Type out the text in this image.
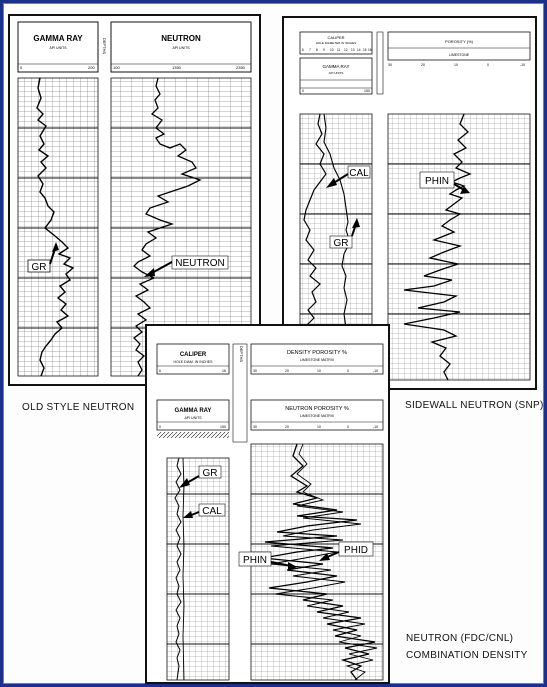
GAMMA RAY
API UNITS	DEPTHS	NEUTRON
API UNITS
0	200	100	1350	2350
GR	NEUTRON
CALIPER
HOLE DIAMETER IN INCHES
6 7 8 9 10 11 12 13 14 15 16
GAMMA RAY
API UNITS
0	150
POROSITY (%)
LIMESTONE
30	20	10	0	-10
CAL
GR
PHIN
OLD STYLE NEUTRON	SIDEWALL NEUTRON (SNP)
CALIPER
HOLE DIAM. IN INCHES
6	16
GAMMA RAY
API UNITS
0	150
DEPTHS	DENSITY POROSITY %
LIMESTONE MATRIX
30	20	10	0	-10
NEUTRON POROSITY %
LIMESTONE MATRIX
30	20	10	0	-10
GR
CAL
PHIN
PHID
NEUTRON (FDC/CNL)
COMBINATION DENSITY
